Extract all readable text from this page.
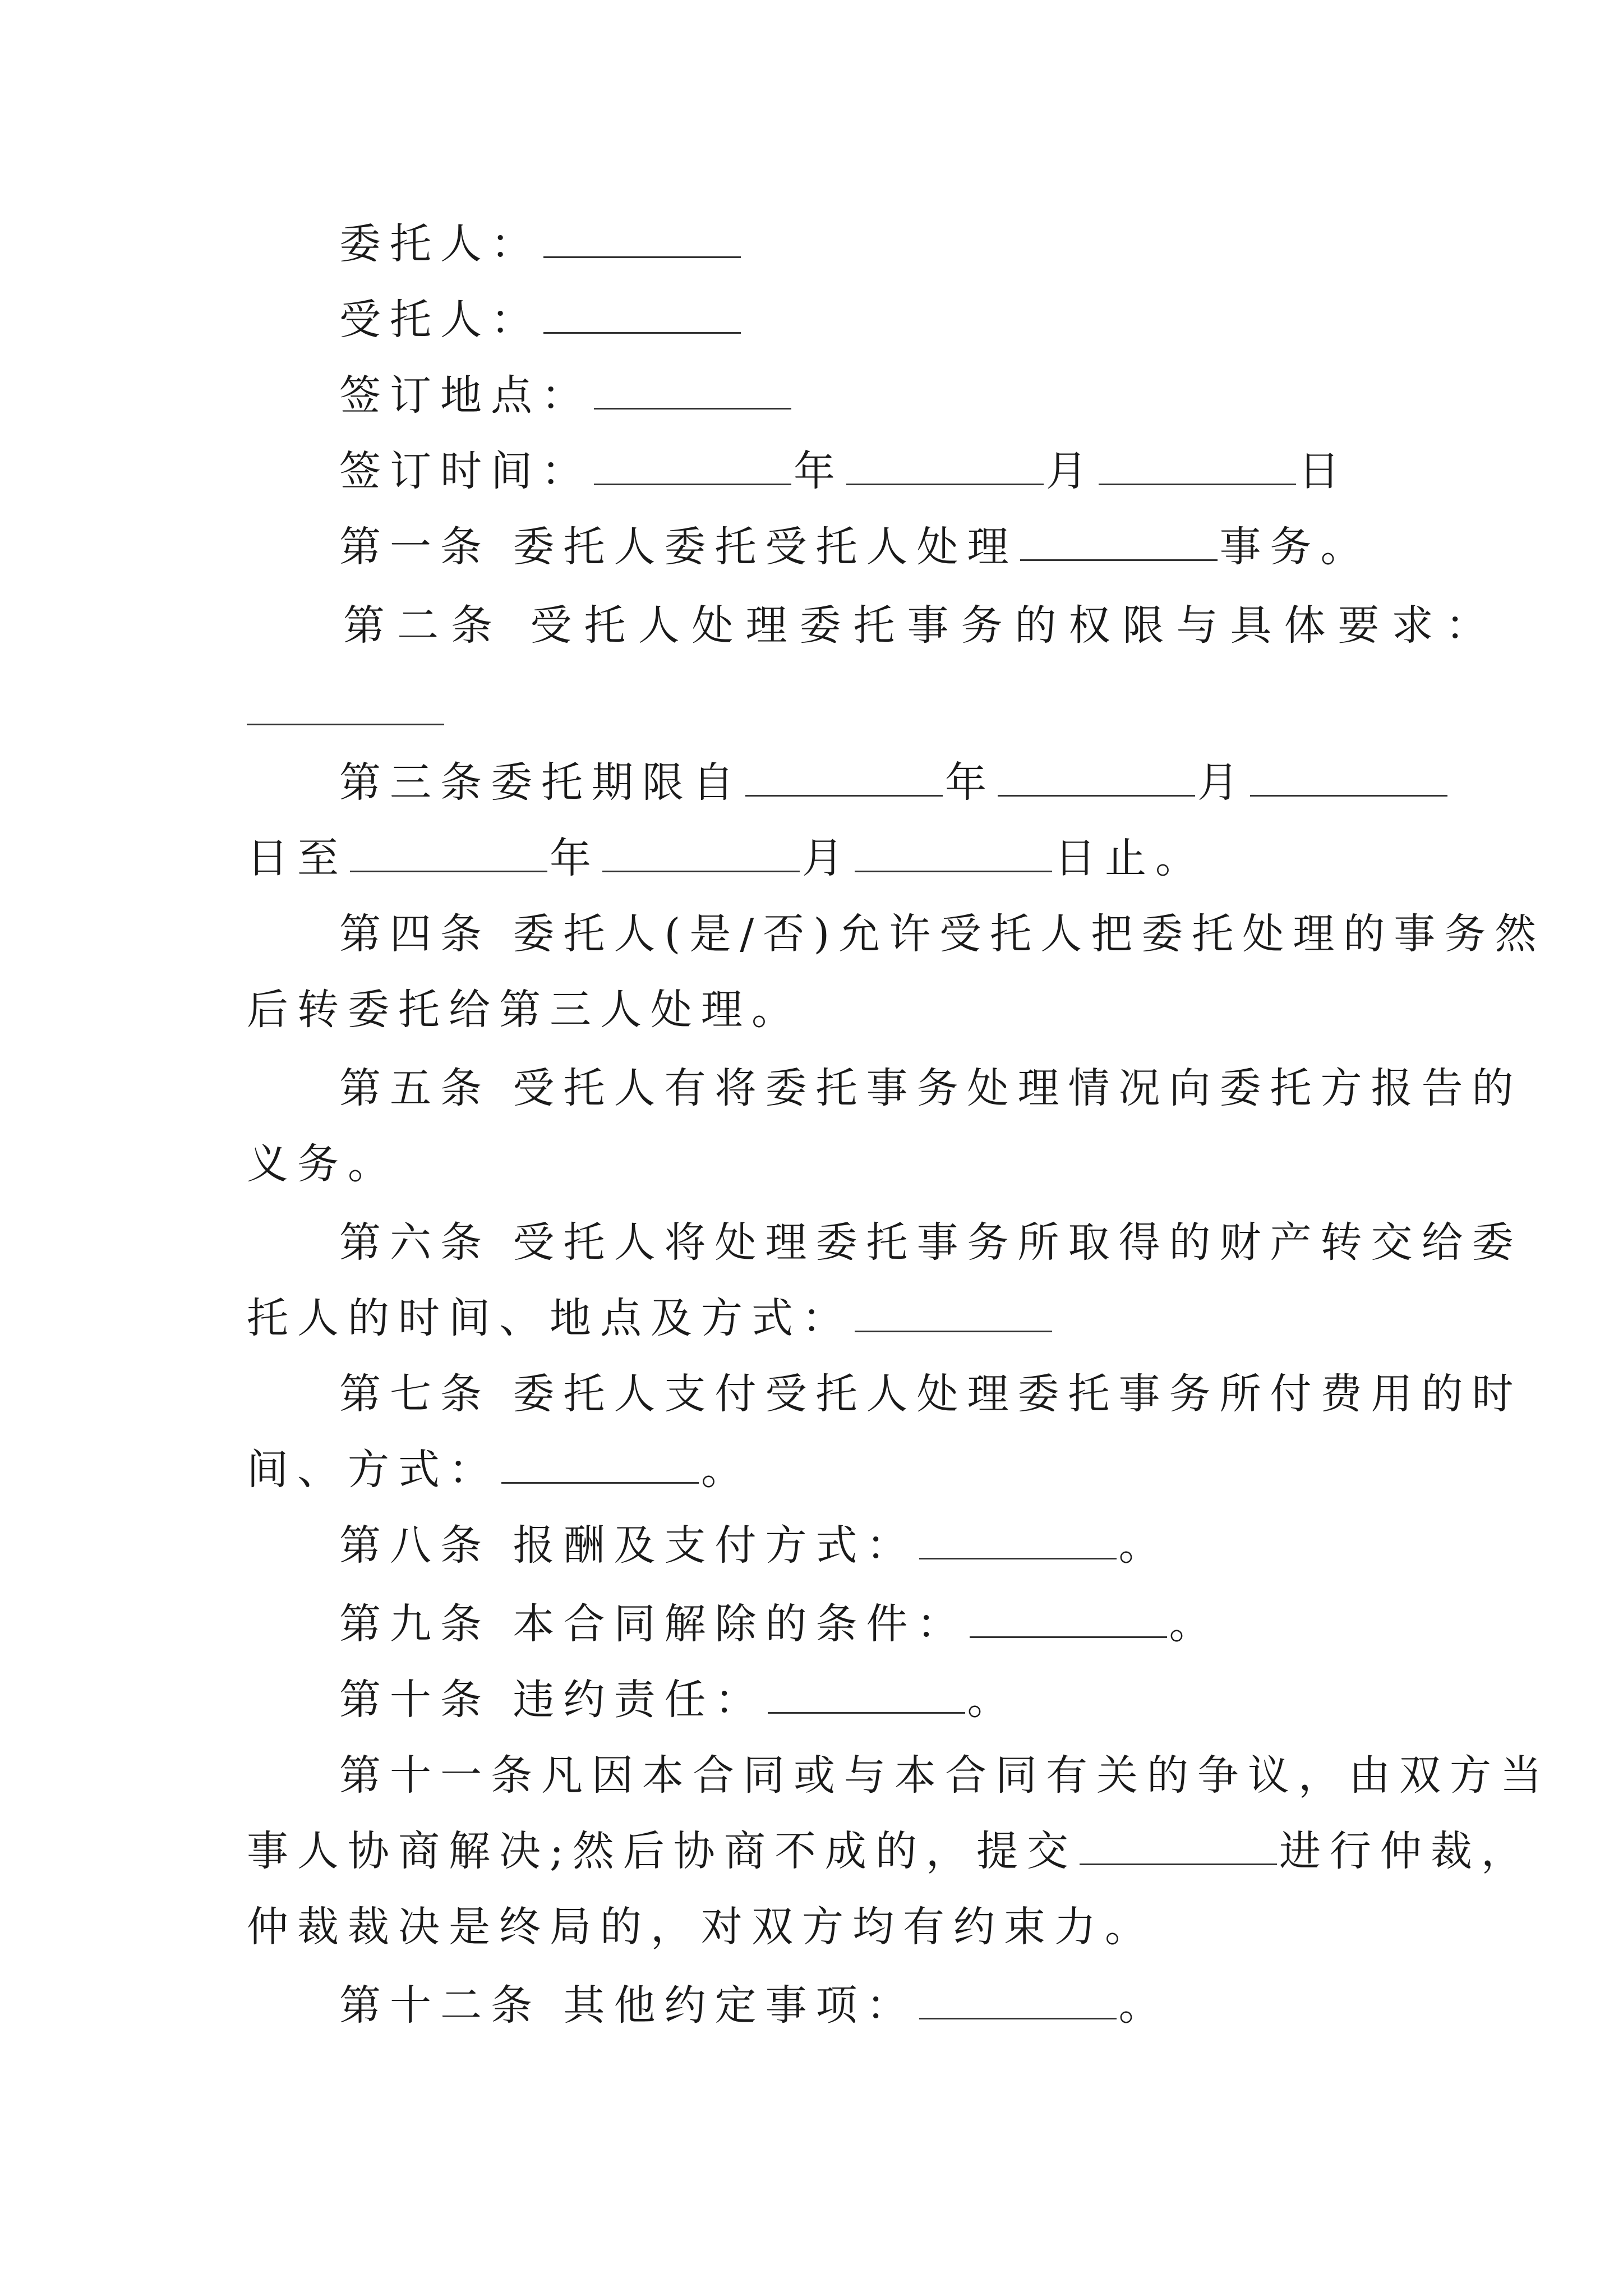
委托人：
受托人：
签订地点：
签订时间：	年	月	日
第一条 委托人委托受托人处理	事务。
第二条 受托人处理委托事务的权限与具体要求：
第三条委托期限自	年	月
日至	年	月	日止。
第四条 委托人(是/否)允许受托人把委托处理的事务然
后转委托给第三人处理。
第五条 受托人有将委托事务处理情况向委托方报告的
义务。
第六条 受托人将处理委托事务所取得的财产转交给委
托人的时间、地点及方式：
第七条 委托人支付受托人处理委托事务所付费用的时
间、方式：	。
第八条 报酬及支付方式：	。
第九条 本合同解除的条件：	。
第十条 违约责任：	。
第十一条凡因本合同或与本合同有关的争议，由双方当
事人协商解决;然后协商不成的，提交	进行仲裁，
仲裁裁决是终局的，对双方均有约束力。
第十二条 其他约定事项：	。
